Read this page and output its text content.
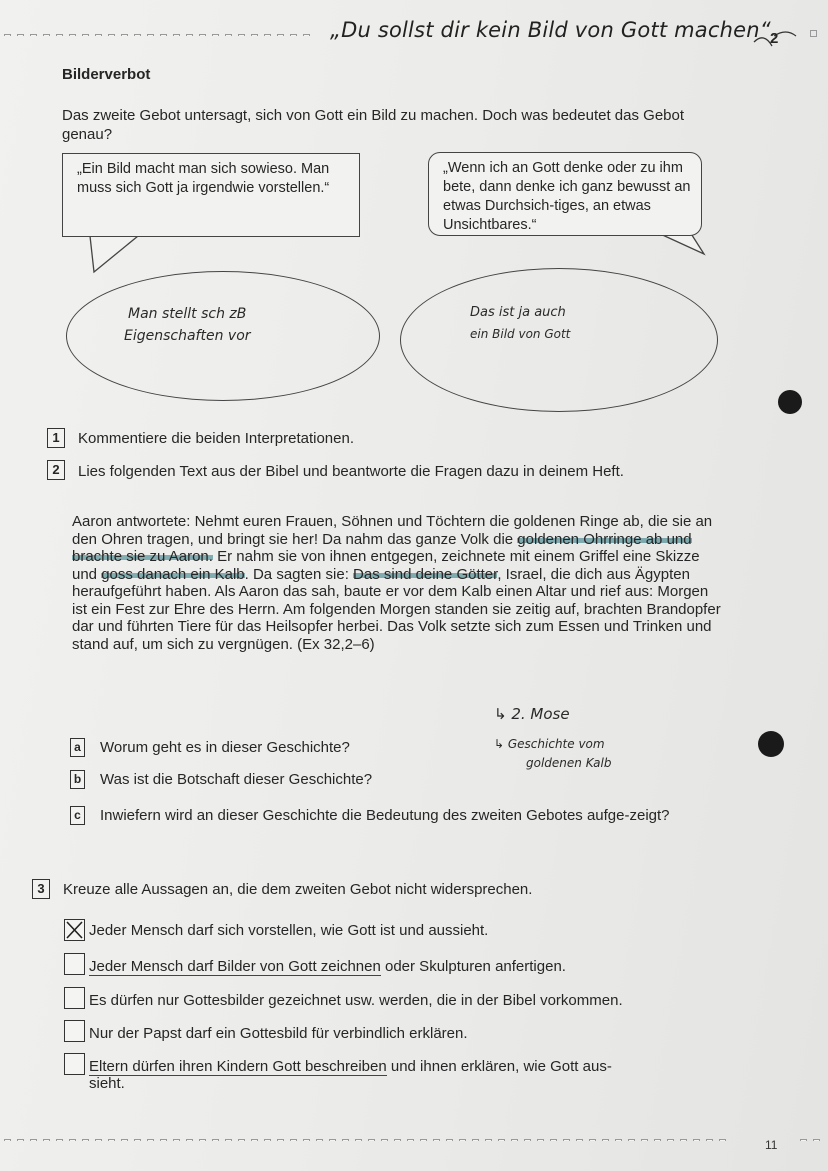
„Du sollst dir kein Bild von Gott machen“ 2
Bilderverbot
Das zweite Gebot untersagt, sich von Gott ein Bild zu machen. Doch was bedeutet das Gebot genau?
„Ein Bild macht man sich sowieso. Man muss sich Gott ja irgendwie vorstellen.“
„Wenn ich an Gott denke oder zu ihm bete, dann denke ich ganz bewusst an etwas Durchsich-tiges, an etwas Unsichtbares.“
Man stellt sch zB
Eigenschaften vor
Das ist ja auch
ein Bild von Gott
1	Kommentiere die beiden Interpretationen.
2	Lies folgenden Text aus der Bibel und beantworte die Fragen dazu in deinem Heft.
Aaron antwortete: Nehmt euren Frauen, Söhnen und Töchtern die goldenen Ringe ab, die sie an den Ohren tragen, und bringt sie her! Da nahm das ganze Volk die goldenen Ohrringe ab und brachte sie zu Aaron. Er nahm sie von ihnen entgegen, zeichnete mit einem Griffel eine Skizze und goss danach ein Kalb. Da sagten sie: Das sind deine Götter, Israel, die dich aus Ägypten heraufgeführt haben. Als Aaron das sah, baute er vor dem Kalb einen Altar und rief aus: Morgen ist ein Fest zur Ehre des Herrn. Am folgenden Morgen standen sie zeitig auf, brachten Brandopfer dar und führten Tiere für das Heilsopfer herbei. Das Volk setzte sich zum Essen und Trinken und stand auf, um sich zu vergnügen. (Ex 32,2–6)
↳ 2. Mose
↳ Geschichte vom
goldenen Kalb
a Worum geht es in dieser Geschichte?
b Was ist die Botschaft dieser Geschichte?
c Inwiefern wird an dieser Geschichte die Bedeutung des zweiten Gebotes aufge-zeigt?
3	Kreuze alle Aussagen an, die dem zweiten Gebot nicht widersprechen.
Jeder Mensch darf sich vorstellen, wie Gott ist und aussieht.
Jeder Mensch darf Bilder von Gott zeichnen oder Skulpturen anfertigen.
Es dürfen nur Gottesbilder gezeichnet usw. werden, die in der Bibel vorkommen.
Nur der Papst darf ein Gottesbild für verbindlich erklären.
Eltern dürfen ihren Kindern Gott beschreiben und ihnen erklären, wie Gott aus-
sieht.
11
